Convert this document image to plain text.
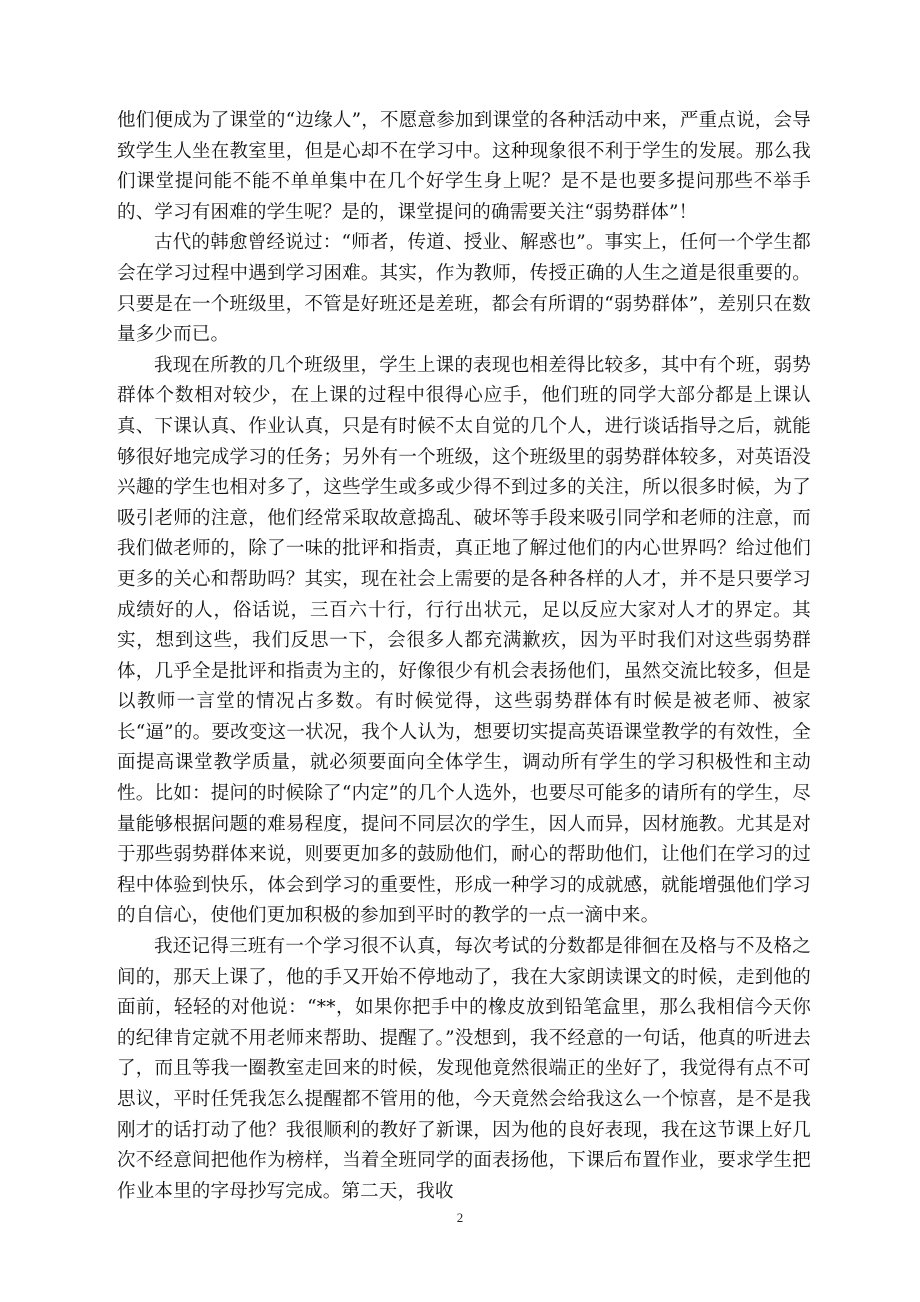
他们便成为了课堂的“边缘人”，不愿意参加到课堂的各种活动中来，严重点说，会导致学生人坐在教室里，但是心却不在学习中。这种现象很不利于学生的发展。那么我们课堂提问能不能不单单集中在几个好学生身上呢？是不是也要多提问那些不举手的、学习有困难的学生呢？是的，课堂提问的确需要关注“弱势群体”！

古代的韩愈曾经说过：“师者，传道、授业、解惑也”。事实上，任何一个学生都会在学习过程中遇到学习困难。其实，作为教师，传授正确的人生之道是很重要的。只要是在一个班级里，不管是好班还是差班，都会有所谓的“弱势群体”，差别只在数量多少而已。

我现在所教的几个班级里，学生上课的表现也相差得比较多，其中有个班，弱势群体个数相对较少，在上课的过程中很得心应手，他们班的同学大部分都是上课认真、下课认真、作业认真，只是有时候不太自觉的几个人，进行谈话指导之后，就能够很好地完成学习的任务；另外有一个班级，这个班级里的弱势群体较多，对英语没兴趣的学生也相对多了，这些学生或多或少得不到过多的关注，所以很多时候，为了吸引老师的注意，他们经常采取故意捣乱、破坏等手段来吸引同学和老师的注意，而我们做老师的，除了一味的批评和指责，真正地了解过他们的内心世界吗？给过他们更多的关心和帮助吗？其实，现在社会上需要的是各种各样的人才，并不是只要学习成绩好的人，俗话说，三百六十行，行行出状元，足以反应大家对人才的界定。其实，想到这些，我们反思一下，会很多人都充满歉疚，因为平时我们对这些弱势群体，几乎全是批评和指责为主的，好像很少有机会表扬他们，虽然交流比较多，但是以教师一言堂的情况占多数。有时候觉得，这些弱势群体有时候是被老师、被家长“逼”的。要改变这一状况，我个人认为，想要切实提高英语课堂教学的有效性，全面提高课堂教学质量，就必须要面向全体学生，调动所有学生的学习积极性和主动性。比如：提问的时候除了“内定”的几个人选外，也要尽可能多的请所有的学生，尽量能够根据问题的难易程度，提问不同层次的学生，因人而异，因材施教。尤其是对于那些弱势群体来说，则要更加多的鼓励他们，耐心的帮助他们，让他们在学习的过程中体验到快乐，体会到学习的重要性，形成一种学习的成就感，就能增强他们学习的自信心，使他们更加积极的参加到平时的教学的一点一滴中来。

我还记得三班有一个学习很不认真，每次考试的分数都是徘徊在及格与不及格之间的，那天上课了，他的手又开始不停地动了，我在大家朗读课文的时候，走到他的面前，轻轻的对他说：“**，如果你把手中的橡皮放到铅笔盒里，那么我相信今天你的纪律肯定就不用老师来帮助、提醒了。”没想到，我不经意的一句话，他真的听进去了，而且等我一圈教室走回来的时候，发现他竟然很端正的坐好了，我觉得有点不可思议，平时任凭我怎么提醒都不管用的他，今天竟然会给我这么一个惊喜，是不是我刚才的话打动了他？我很顺利的教好了新课，因为他的良好表现，我在这节课上好几次不经意间把他作为榜样，当着全班同学的面表扬他，下课后布置作业，要求学生把作业本里的字母抄写完成。第二天，我收

2
